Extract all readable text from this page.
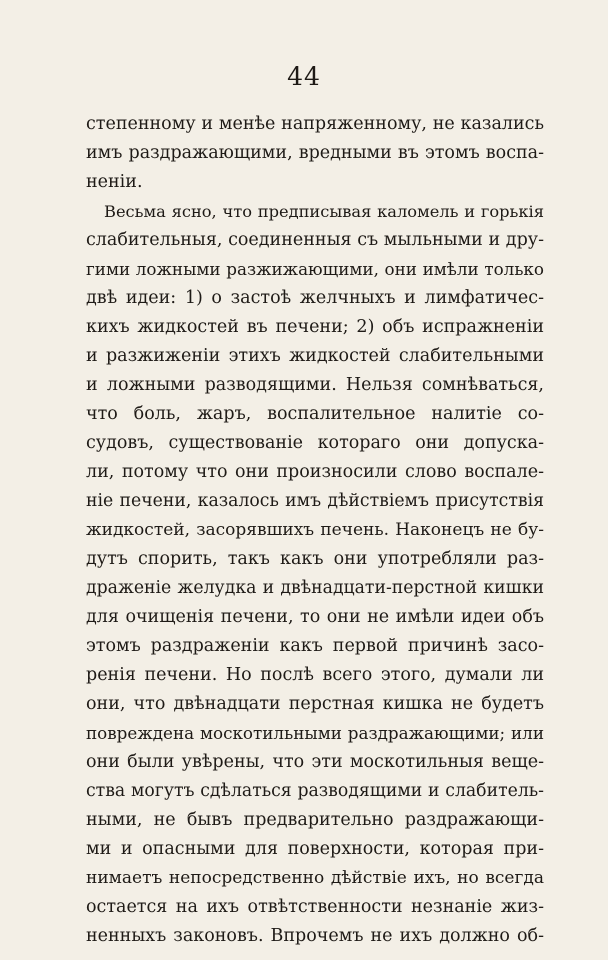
44
степенному и менѣе напряженному, не казались
имъ раздражающими, вредными въ этомъ воспа-
неніи.
Весьма ясно, что предписывая каломель и горькія
слабительныя, соединенныя съ мыльными и дру-
гими ложными разжижающими, они имѣли только
двѣ идеи: 1) о застоѣ желчныхъ и лимфатичес-
кихъ жидкостей въ печени; 2) объ испражненіи
и разжиженіи этихъ жидкостей слабительными
и ложными разводящими. Нельзя сомнѣваться,
что боль, жаръ, воспалительное налитіе со-
судовъ, существованіе котораго они допуска-
ли, потому что они произносили слово воспале-
ніе печени, казалось имъ дѣйствіемъ присутствія
жидкостей, засорявшихъ печень. Наконецъ не бу-
дутъ спорить, такъ какъ они употребляли раз-
драженіе желудка и двѣнадцати-перстной кишки
для очищенія печени, то они не имѣли идеи объ
этомъ раздраженіи какъ первой причинѣ засо-
ренія печени. Но послѣ всего этого, думали ли
они, что двѣнадцати перстная кишка не будетъ
повреждена москотильными раздражающими; или
они были увѣрены, что эти москотильныя веще-
ства могутъ сдѣлаться разводящими и слабитель-
ными, не бывъ предварительно раздражающи-
ми и опасными для поверхности, которая при-
нимаетъ непосредственно дѣйствіе ихъ, но всегда
остается на ихъ отвѣтственности незнаніе жиз-
ненныхъ законовъ. Впрочемъ не ихъ должно об-
